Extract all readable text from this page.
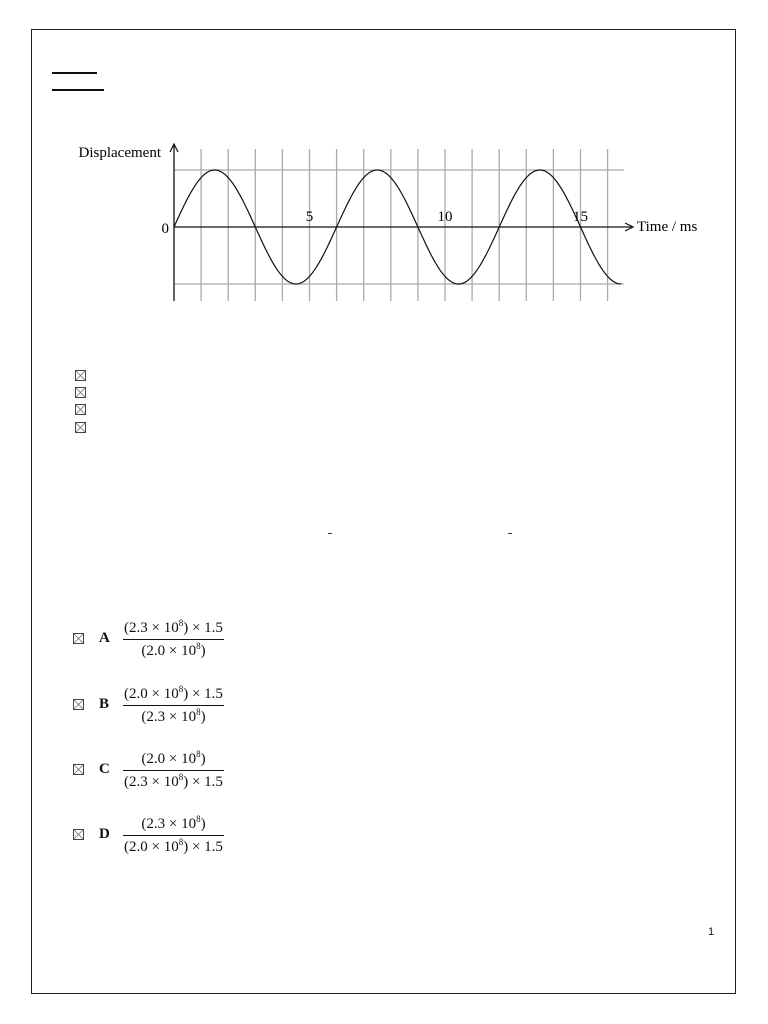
Displacement
Time / ms
0
5	10	15
A
$(2.3 \times 10^8) \times 1.5$
$(2.0 \times 10^8)$
B
$(2.0 \times 10^8) \times 1.5$
$(2.3 \times 10^8)$
C
$(2.0 \times 10^8)$
$(2.3 \times 10^8) \times 1.5$
D
$(2.3 \times 10^8)$
$(2.0 \times 10^8) \times 1.5$
1
